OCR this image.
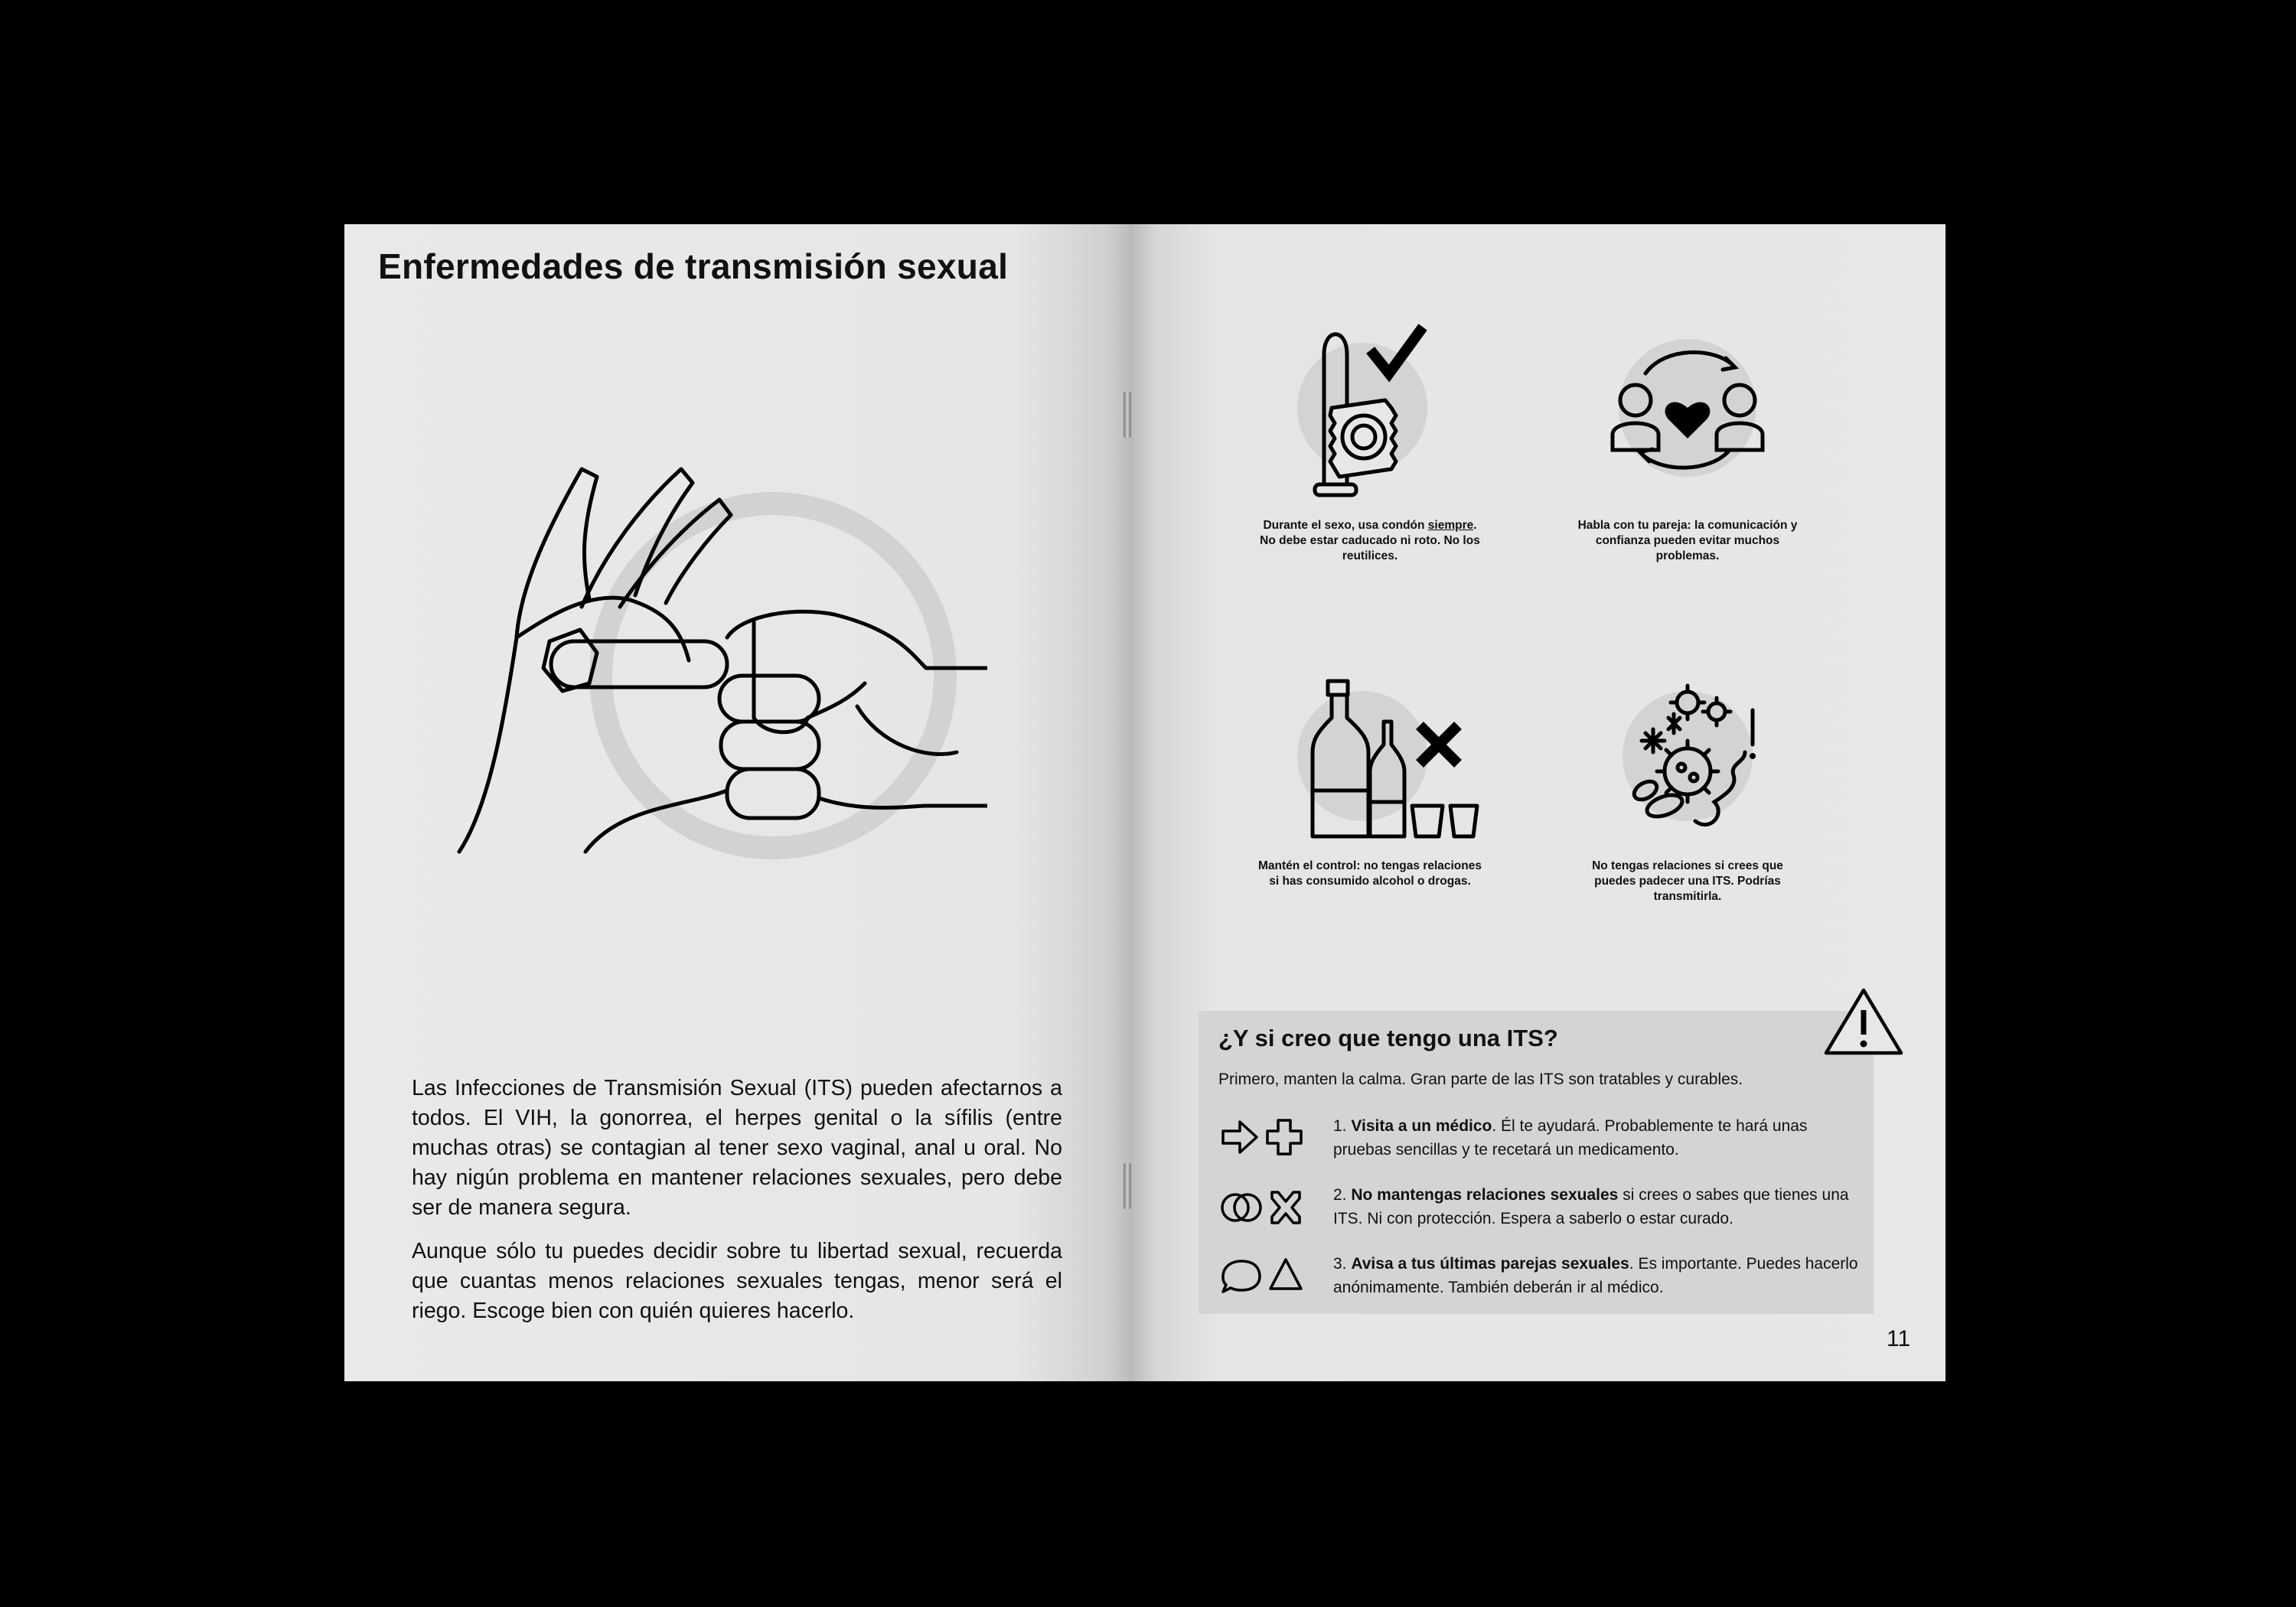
Enfermedades de transmisión sexual

Las Infecciones de Transmisión Sexual (ITS) pueden afectarnos a todos. El VIH, la gonorrea, el herpes genital o la sífilis (entre muchas otras) se contagian al tener sexo vaginal, anal u oral. No hay nigún problema en mantener relaciones sexuales, pero debe ser de manera segura.

Aunque sólo tu puedes decidir sobre tu libertad sexual, recuerda que cuantas menos relaciones sexuales tengas, menor será el riego. Escoge bien con quién quieres hacerlo.

Durante el sexo, usa condón siempre. No debe estar caducado ni roto. No los reutilices.
Habla con tu pareja: la comunicación y confianza pueden evitar muchos problemas.
Mantén el control: no tengas relaciones si has consumido alcohol o drogas.
No tengas relaciones si crees que puedes padecer una ITS. Podrías transmitirla.
¿Y si creo que tengo una ITS?

Primero, manten la calma. Gran parte de las ITS son tratables y curables.

1. Visita a un médico. Él te ayudará. Probablemente te hará unas pruebas sencillas y te recetará un medicamento.

2. No mantengas relaciones sexuales si crees o sabes que tienes una ITS. Ni con protección. Espera a saberlo o estar curado.

3. Avisa a tus últimas parejas sexuales. Es importante. Puedes hacerlo anónimamente. También deberán ir al médico.

11
